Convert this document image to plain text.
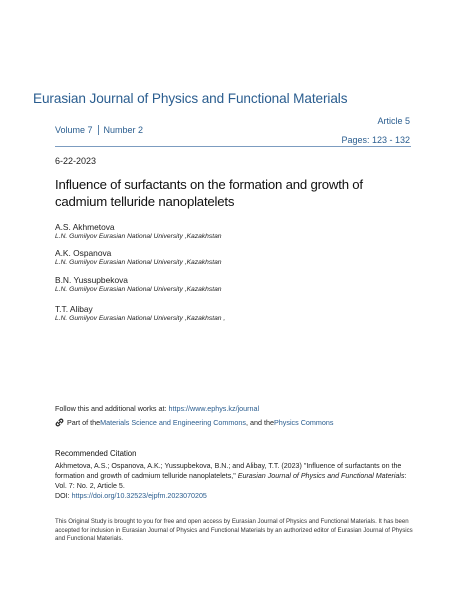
Eurasian Journal of Physics and Functional Materials
Article 5
Volume 7 Number 2
Pages: 123 - 132
6-22-2023
Influence of surfactants on the formation and growth of cadmium telluride nanoplatelets
A.S. Akhmetova
L.N. Gumilyov Eurasian National University ,Kazakhstan
A.K. Ospanova
L.N. Gumilyov Eurasian National University ,Kazakhstan
B.N. Yussupbekova
L.N. Gumilyov Eurasian National University ,Kazakhstan
T.T. Alibay
L.N. Gumilyov Eurasian National University ,Kazakhstan ,
Follow this and additional works at: https://www.ephys.kz/journal
Part of the Materials Science and Engineering Commons , and the Physics Commons
Recommended Citation
Akhmetova, A.S.; Ospanova, A.K.; Yussupbekova, B.N.; and Alibay, T.T. (2023) "Influence of surfactants on the formation and growth of cadmium telluride nanoplatelets," Eurasian Journal of Physics and Functional Materials: Vol. 7: No. 2, Article 5.
DOI: https://doi.org/10.32523/ejpfm.2023070205
This Original Study is brought to you for free and open access by Eurasian Journal of Physics and Functional Materials. It has been accepted for inclusion in Eurasian Journal of Physics and Functional Materials by an authorized editor of Eurasian Journal of Physics and Functional Materials.
